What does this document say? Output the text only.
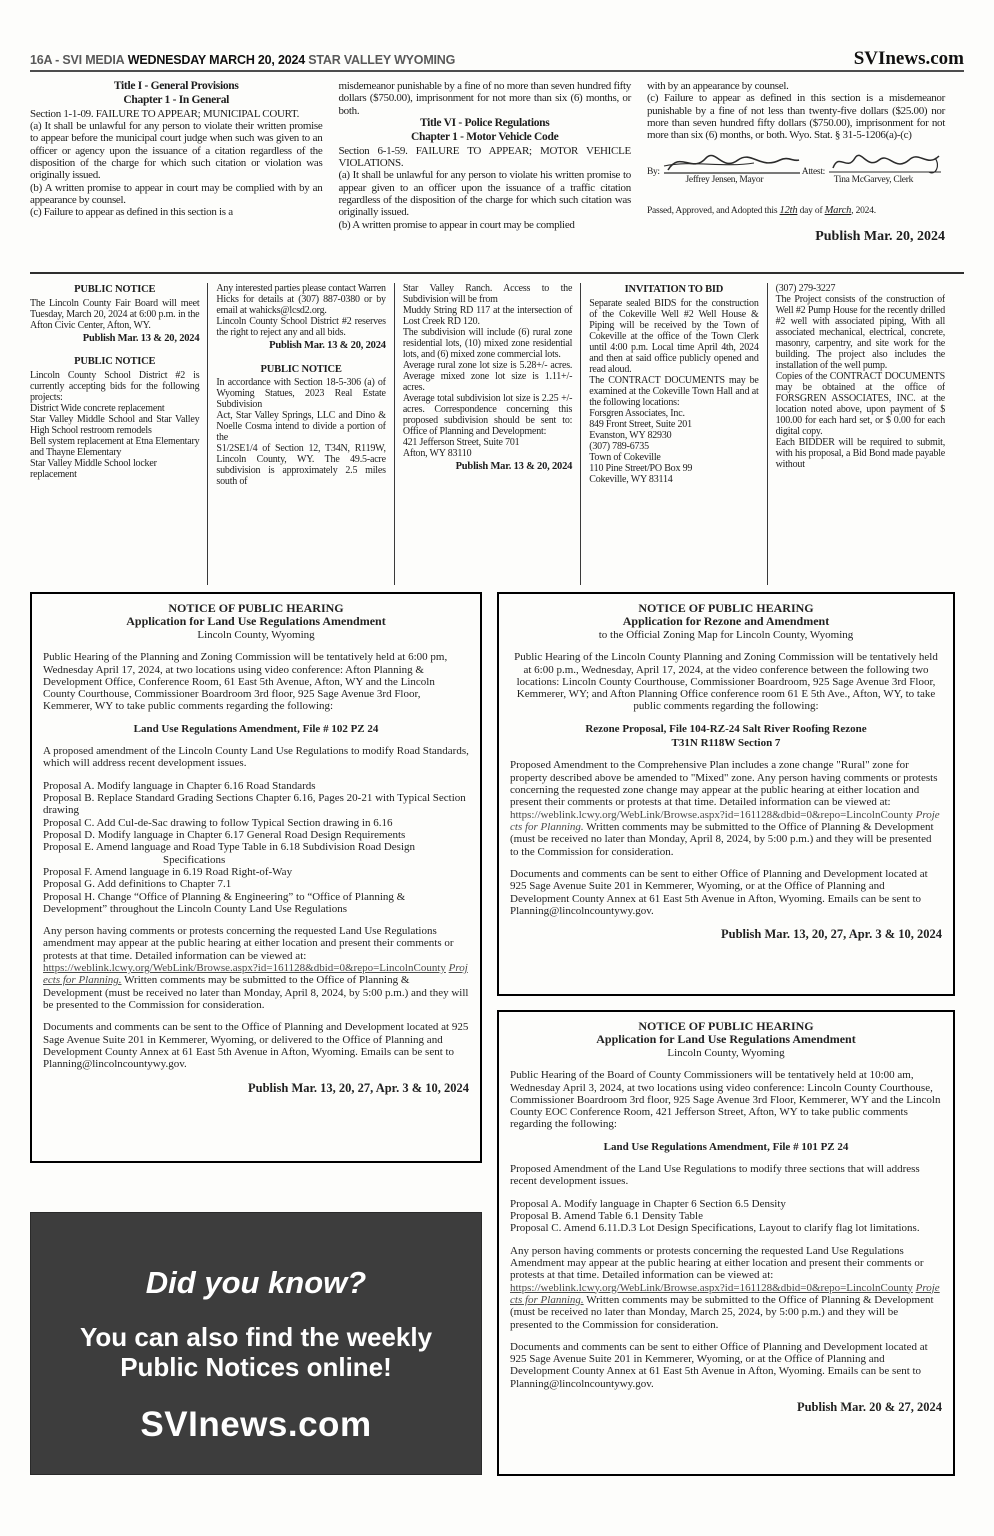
16A - SVI MEDIA WEDNESDAY MARCH 20, 2024 STAR VALLEY WYOMING	SVInews.com
Title I - General Provisions
Chapter 1 - In General

Section 1-1-09. FAILURE TO APPEAR; MUNICIPAL COURT.

(a) It shall be unlawful for any person to violate their written promise to appear before the municipal court judge when such was given to an officer or agency upon the issuance of a citation regardless of the disposition of the charge for which such citation or violation was originally issued.

(b) A written promise to appear in court may be complied with by an appearance by counsel.

(c) Failure to appear as defined in this section is a

misdemeanor punishable by a fine of no more than seven hundred fifty dollars ($750.00), imprisonment for not more than six (6) months, or both.

Title VI - Police Regulations
Chapter 1 - Motor Vehicle Code

Section 6-1-59. FAILURE TO APPEAR; MOTOR VEHICLE VIOLATIONS.

(a) It shall be unlawful for any person to violate his written promise to appear given to an officer upon the issuance of a traffic citation regardless of the disposition of the charge for which such citation was originally issued.

(b) A written promise to appear in court may be complied

with by an appearance by counsel.

(c) Failure to appear as defined in this section is a misdemeanor punishable by a fine of not less than twenty-five dollars ($25.00) nor more than seven hundred fifty dollars ($750.00), imprisonment for not more than six (6) months, or both. Wyo. Stat. § 31-5-1206(a)-(c)

By:
Jeffrey Jensen, Mayor
Attest:
Tina McGarvey, Clerk
Passed, Approved, and Adopted this 12th day of March, 2024.
Publish Mar. 20, 2024
PUBLIC NOTICE

The Lincoln County Fair Board will meet Tuesday, March 20, 2024 at 6:00 p.m. in the Afton Civic Center, Afton, WY.

Publish Mar. 13 & 20, 2024
PUBLIC NOTICE

Lincoln County School District #2 is currently accepting bids for the following projects:

District Wide concrete replacement

Star Valley Middle School and Star Valley High School restroom remodels

Bell system replacement at Etna Elementary and Thayne Elementary

Star Valley Middle School locker replacement

Any interested parties please contact Warren Hicks for details at (307) 887-0380 or by email at wahicks@lcsd2.org.

Lincoln County School District #2 reserves the right to reject any and all bids.

Publish Mar. 13 & 20, 2024
PUBLIC NOTICE

In accordance with Section 18-5-306 (a) of Wyoming Statues, 2023 Real Estate Subdivision

Act, Star Valley Springs, LLC and Dino & Noelle Cosma intend to divide a portion of the

S1/2SE1/4 of Section 12, T34N, R119W, Lincoln County, WY. The 49.5-acre subdivision is approximately 2.5 miles south of

Star Valley Ranch. Access to the Subdivision will be from

Muddy String RD 117 at the intersection of Lost Creek RD 120.

The subdivision will include (6) rural zone residential lots, (10) mixed zone residential lots, and (6) mixed zone commercial lots.

Average rural zone lot size is 5.28+/- acres. Average mixed zone lot size is 1.11+/- acres.

Average total subdivision lot size is 2.25 +/- acres. Correspondence concerning this proposed subdivision should be sent to: Office of Planning and Development:

421 Jefferson Street, Suite 701

Afton, WY 83110

Publish Mar. 13 & 20, 2024
INVITATION TO BID

Separate sealed BIDS for the construction of the Cokeville Well #2 Well House & Piping will be received by the Town of Cokeville at the office of the Town Clerk until 4:00 p.m. Local time April 4th, 2024 and then at said office publicly opened and read aloud.

The CONTRACT DOCUMENTS may be examined at the Cokeville Town Hall and at the following locations:

Forsgren Associates, Inc.

849 Front Street, Suite 201

Evanston, WY 82930

(307) 789-6735

Town of Cokeville

110 Pine Street/PO Box 99

Cokeville, WY 83114

(307) 279-3227

The Project consists of the construction of Well #2 Pump House for the recently drilled #2 well with associated piping, With all associated mechanical, electrical, concrete, masonry, carpentry, and site work for the building. The project also includes the installation of the well pump.

Copies of the CONTRACT DOCUMENTS may be obtained at the office of FORSGREN ASSOCIATES, INC. at the location noted above, upon payment of $ 100.00 for each hard set, or $ 0.00 for each digital copy.

Each BIDDER will be required to submit, with his proposal, a Bid Bond made payable without

NOTICE OF PUBLIC HEARING
Application for Land Use Regulations Amendment
Lincoln County, Wyoming

Public Hearing of the Planning and Zoning Commission will be tentatively held at 6:00 pm, Wednesday April 17, 2024, at two locations using video conference: Afton Planning & Development Office, Conference Room, 61 East 5th Avenue, Afton, WY and the Lincoln County Courthouse, Commissioner Boardroom 3rd floor, 925 Sage Avenue 3rd Floor, Kemmerer, WY to take public comments regarding the following:

Land Use Regulations Amendment, File # 102 PZ 24

A proposed amendment of the Lincoln County Land Use Regulations to modify Road Standards, which will address recent development issues.

Proposal A. Modify language in Chapter 6.16 Road Standards

Proposal B. Replace Standard Grading Sections Chapter 6.16, Pages 20-21 with Typical Section drawing

Proposal C. Add Cul-de-Sac drawing to follow Typical Section drawing in 6.16

Proposal D. Modify language in Chapter 6.17 General Road Design Requirements

Proposal E. Amend language and Road Type Table in 6.18 Subdivision Road Design

Specifications

Proposal F. Amend language in 6.19 Road Right-of-Way

Proposal G. Add definitions to Chapter 7.1

Proposal H. Change “Office of Planning & Engineering” to “Office of Planning & Development” throughout the Lincoln County Land Use Regulations

Any person having comments or protests concerning the requested Land Use Regulations amendment may appear at the public hearing at either location and present their comments or protests at that time. Detailed information can be viewed at:

https://weblink.lcwy.org/WebLink/Browse.aspx?id=161128&dbid=0&repo=LincolnCounty Projects for Planning. Written comments may be submitted to the Office of Planning & Development (must be received no later than Monday, April 8, 2024, by 5:00 p.m.) and they will be presented to the Commission for consideration.

Documents and comments can be sent to the Office of Planning and Development located at 925 Sage Avenue Suite 201 in Kemmerer, Wyoming, or delivered to the Office of Planning and Development County Annex at 61 East 5th Avenue in Afton, Wyoming. Emails can be sent to Planning@lincolncountywy.gov.

Publish Mar. 13, 20, 27, Apr. 3 & 10, 2024
NOTICE OF PUBLIC HEARING
Application for Rezone and Amendment
to the Official Zoning Map for Lincoln County, Wyoming

Public Hearing of the Lincoln County Planning and Zoning Commission will be tentatively held at 6:00 p.m., Wednesday, April 17, 2024, at the video conference between the following two locations: Lincoln County Courthouse, Commissioner Boardroom, 925 Sage Avenue 3rd Floor, Kemmerer, WY; and Afton Planning Office conference room 61 E 5th Ave., Afton, WY, to take public comments regarding the following:

Rezone Proposal, File 104-RZ-24 Salt River Roofing Rezone

T31N R118W Section 7

Proposed Amendment to the Comprehensive Plan includes a zone change "Rural" zone for property described above be amended to "Mixed" zone. Any person having comments or protests concerning the requested zone change may appear at the public hearing at either location and present their comments or protests at that time. Detailed information can be viewed at:

https://weblink.lcwy.org/WebLink/Browse.aspx?id=161128&dbid=0&repo=LincolnCounty Projects for Planning. Written comments may be submitted to the Office of Planning & Development (must be received no later than Monday, April 8, 2024, by 5:00 p.m.) and they will be presented to the Commission for consideration.

Documents and comments can be sent to either Office of Planning and Development located at 925 Sage Avenue Suite 201 in Kemmerer, Wyoming, or at the Office of Planning and Development County Annex at 61 East 5th Avenue in Afton, Wyoming. Emails can be sent to Planning@lincolncountywy.gov.

Publish Mar. 13, 20, 27, Apr. 3 & 10, 2024
NOTICE OF PUBLIC HEARING
Application for Land Use Regulations Amendment
Lincoln County, Wyoming

Public Hearing of the Board of County Commissioners will be tentatively held at 10:00 am, Wednesday April 3, 2024, at two locations using video conference: Lincoln County Courthouse, Commissioner Boardroom 3rd floor, 925 Sage Avenue 3rd Floor, Kemmerer, WY and the Lincoln County EOC Conference Room, 421 Jefferson Street, Afton, WY to take public comments regarding the following:

Land Use Regulations Amendment, File # 101 PZ 24

Proposed Amendment of the Land Use Regulations to modify three sections that will address recent development issues.

Proposal A. Modify language in Chapter 6 Section 6.5 Density

Proposal B. Amend Table 6.1 Density Table

Proposal C. Amend 6.11.D.3 Lot Design Specifications, Layout to clarify flag lot limitations.

Any person having comments or protests concerning the requested Land Use Regulations Amendment may appear at the public hearing at either location and present their comments or protests at that time. Detailed information can be viewed at:

https://weblink.lcwy.org/WebLink/Browse.aspx?id=161128&dbid=0&repo=LincolnCounty Projects for Planning. Written comments may be submitted to the Office of Planning & Development (must be received no later than Monday, March 25, 2024, by 5:00 p.m.) and they will be presented to the Commission for consideration.

Documents and comments can be sent to either Office of Planning and Development located at 925 Sage Avenue Suite 201 in Kemmerer, Wyoming, or at the Office of Planning and Development County Annex at 61 East 5th Avenue in Afton, Wyoming. Emails can be sent to Planning@lincolncountywy.gov.

Publish Mar. 20 & 27, 2024
Did you know?
You can also find the weekly
Public Notices online!
SVInews.com
